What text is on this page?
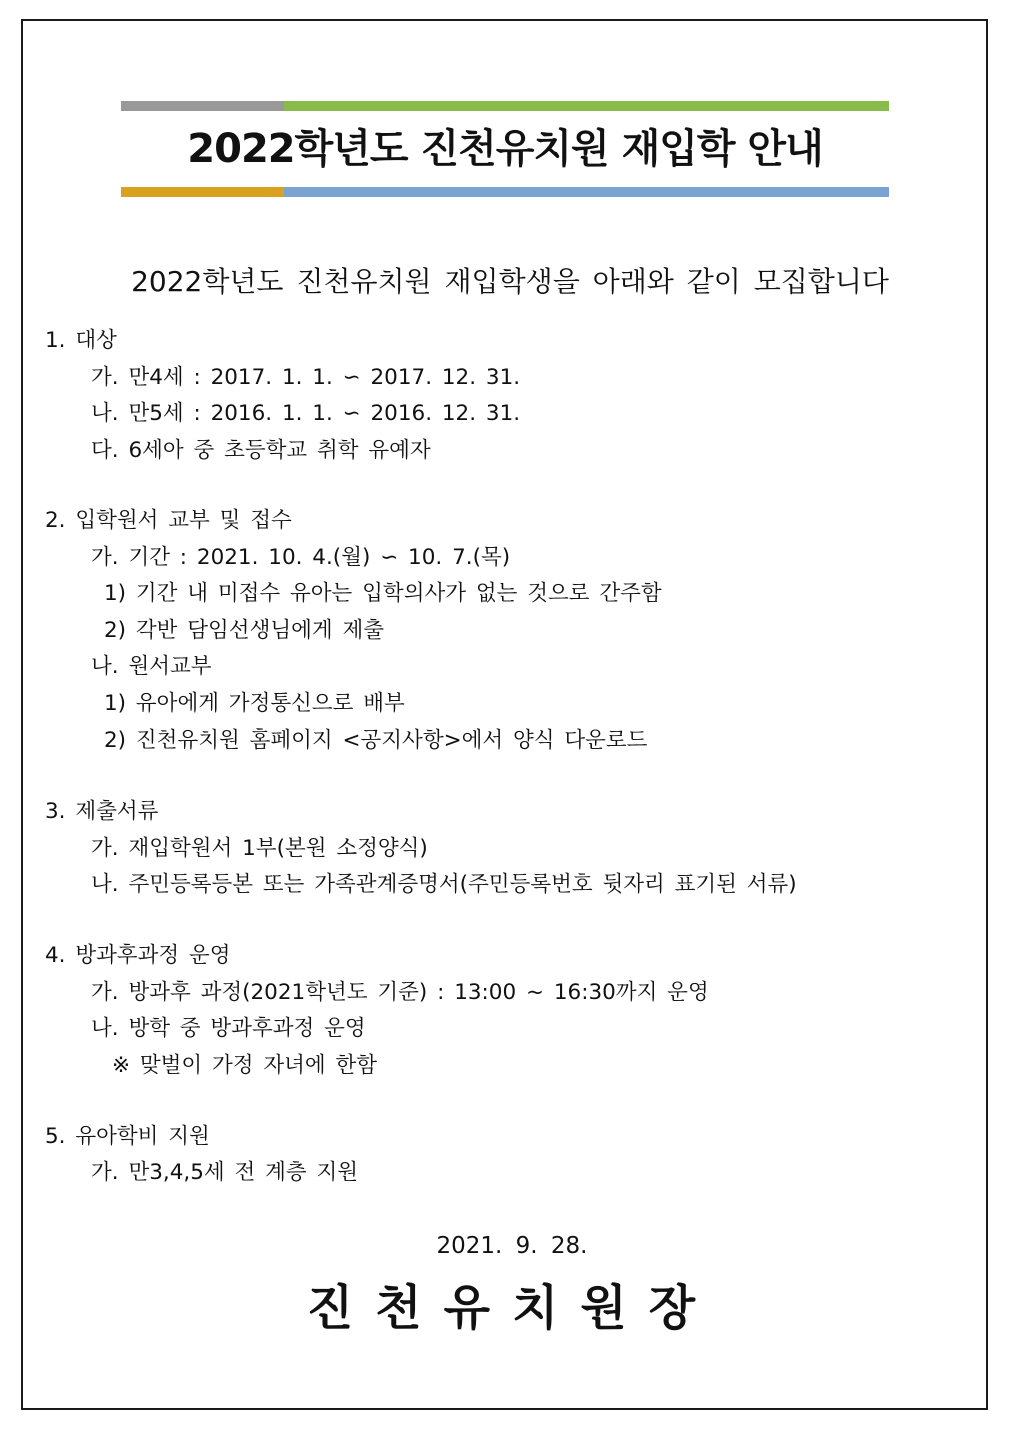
2022학년도 진천유치원 재입학 안내
2022학년도 진천유치원 재입학생을 아래와 같이 모집합니다
1. 대상
가. 만4세 : 2017. 1. 1. ∽ 2017. 12. 31.
나. 만5세 : 2016. 1. 1. ∽ 2016. 12. 31.
다. 6세아 중 초등학교 취학 유예자
2. 입학원서 교부 및 접수
가. 기간 : 2021. 10. 4.(월) ∽ 10. 7.(목)
1) 기간 내 미접수 유아는 입학의사가 없는 것으로 간주함
2) 각반 담임선생님에게 제출
나. 원서교부
1) 유아에게 가정통신으로 배부
2) 진천유치원 홈페이지 <공지사항>에서 양식 다운로드
3. 제출서류
가. 재입학원서 1부(본원 소정양식)
나. 주민등록등본 또는 가족관계증명서(주민등록번호 뒷자리 표기된 서류)
4. 방과후과정 운영
가. 방과후 과정(2021학년도 기준) : 13:00 ~ 16:30까지 운영
나. 방학 중 방과후과정 운영
※ 맞벌이 가정 자녀에 한함
5. 유아학비 지원
가. 만3,4,5세 전 계층 지원
2021. 9. 28.
진천유치원장
